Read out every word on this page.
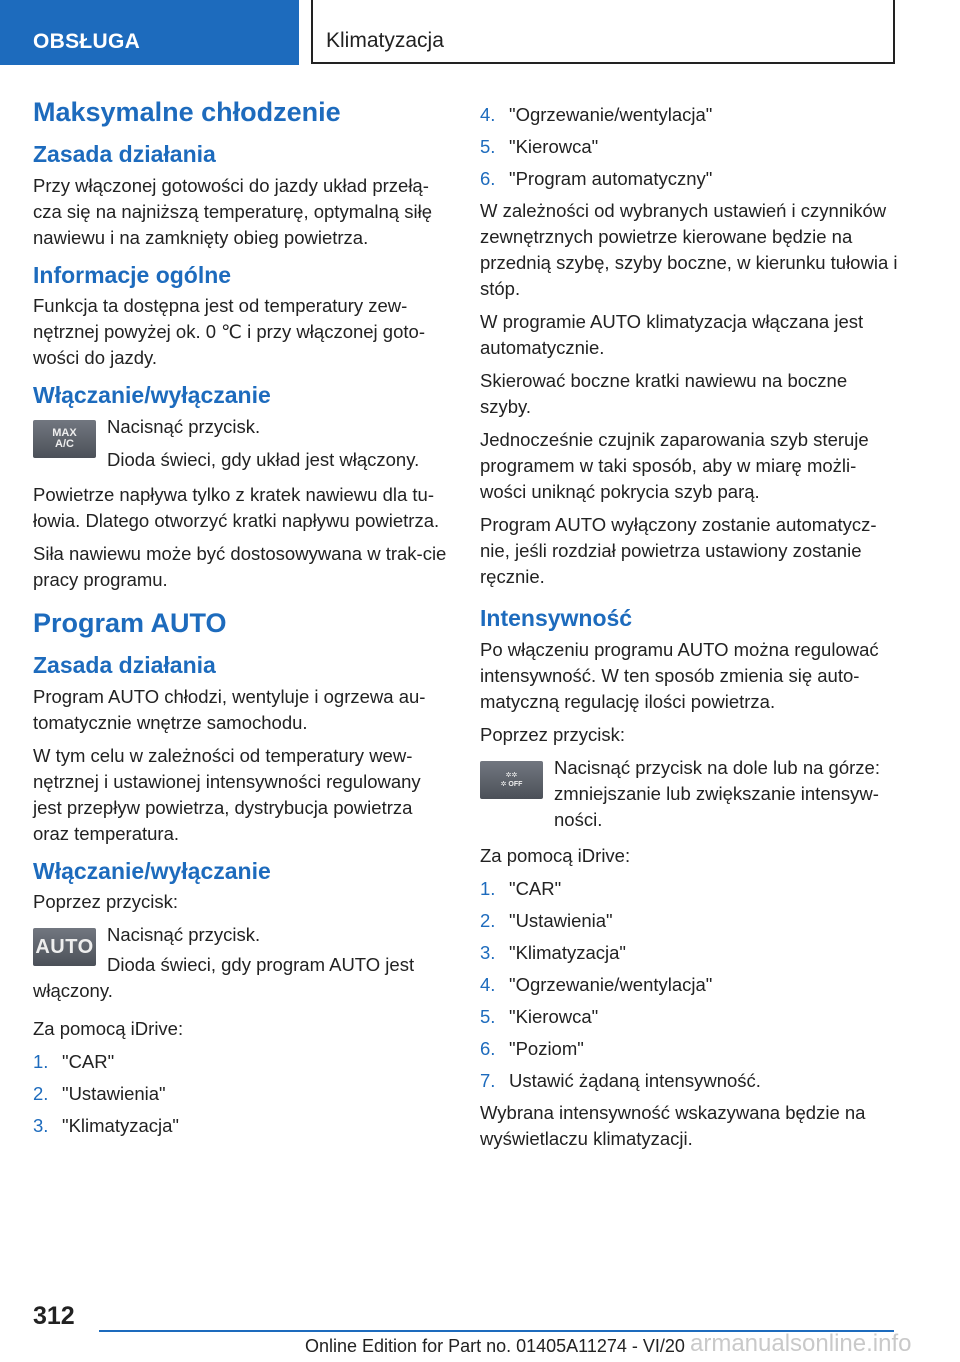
OBSŁUGA	Klimatyzacja
Maksymalne chłodzenie
Zasada działania

Przy włączonej gotowości do jazdy układ przełą-cza się na najniższą temperaturę, optymalną siłę nawiewu i na zamknięty obieg powietrza.

Informacje ogólne

Funkcja ta dostępna jest od temperatury zew-nętrznej powyżej ok. 0 ℃ i przy włączonej goto-wości do jazdy.

Włączanie/wyłączanie
MAX
A/C

Nacisnąć przycisk.

Dioda świeci, gdy układ jest włączony.

Powietrze napływa tylko z kratek nawiewu dla tu-łowia. Dlatego otworzyć kratki napływu powietrza.

Siła nawiewu może być dostosowywana w trak-cie pracy programu.

Program AUTO
Zasada działania

Program AUTO chłodzi, wentyluje i ogrzewa au-tomatycznie wnętrze samochodu.

W tym celu w zależności od temperatury wew-nętrznej i ustawionej intensywności regulowany jest przepływ powietrza, dystrybucja powietrza oraz temperatura.

Włączanie/wyłączanie

Poprzez przycisk:

AUTO

Nacisnąć przycisk.

Dioda świeci, gdy program AUTO jest włączony.

Za pomocą iDrive:

1. "CAR"
2. "Ustawienia"
3. "Klimatyzacja"
4. "Ogrzewanie/wentylacja"
5. "Kierowca"
6. "Program automatyczny"

W zależności od wybranych ustawień i czynników zewnętrznych powietrze kierowane będzie na przednią szybę, szyby boczne, w kierunku tułowia i stóp.

W programie AUTO klimatyzacja włączana jest automatycznie.

Skierować boczne kratki nawiewu na boczne szyby.

Jednocześnie czujnik zaparowania szyb steruje programem w taki sposób, aby w miarę możli-wości uniknąć pokrycia szyb parą.

Program AUTO wyłączony zostanie automatycz-nie, jeśli rozdział powietrza ustawiony zostanie ręcznie.

Intensywność

Po włączeniu programu AUTO można regulować intensywność. W ten sposób zmienia się auto-matyczną regulację ilości powietrza.

Poprzez przycisk:

✲✲
✲ OFF

Nacisnąć przycisk na dole lub na górze: zmniejszanie lub zwiększanie intensyw-ności.

Za pomocą iDrive:

1. "CAR"
2. "Ustawienia"
3. "Klimatyzacja"
4. "Ogrzewanie/wentylacja"
5. "Kierowca"
6. "Poziom"
7. Ustawić żądaną intensywność.

Wybrana intensywność wskazywana będzie na wyświetlaczu klimatyzacji.

312
Online Edition for Part no. 01405A11274 - VI/20 armanualsonline.info
